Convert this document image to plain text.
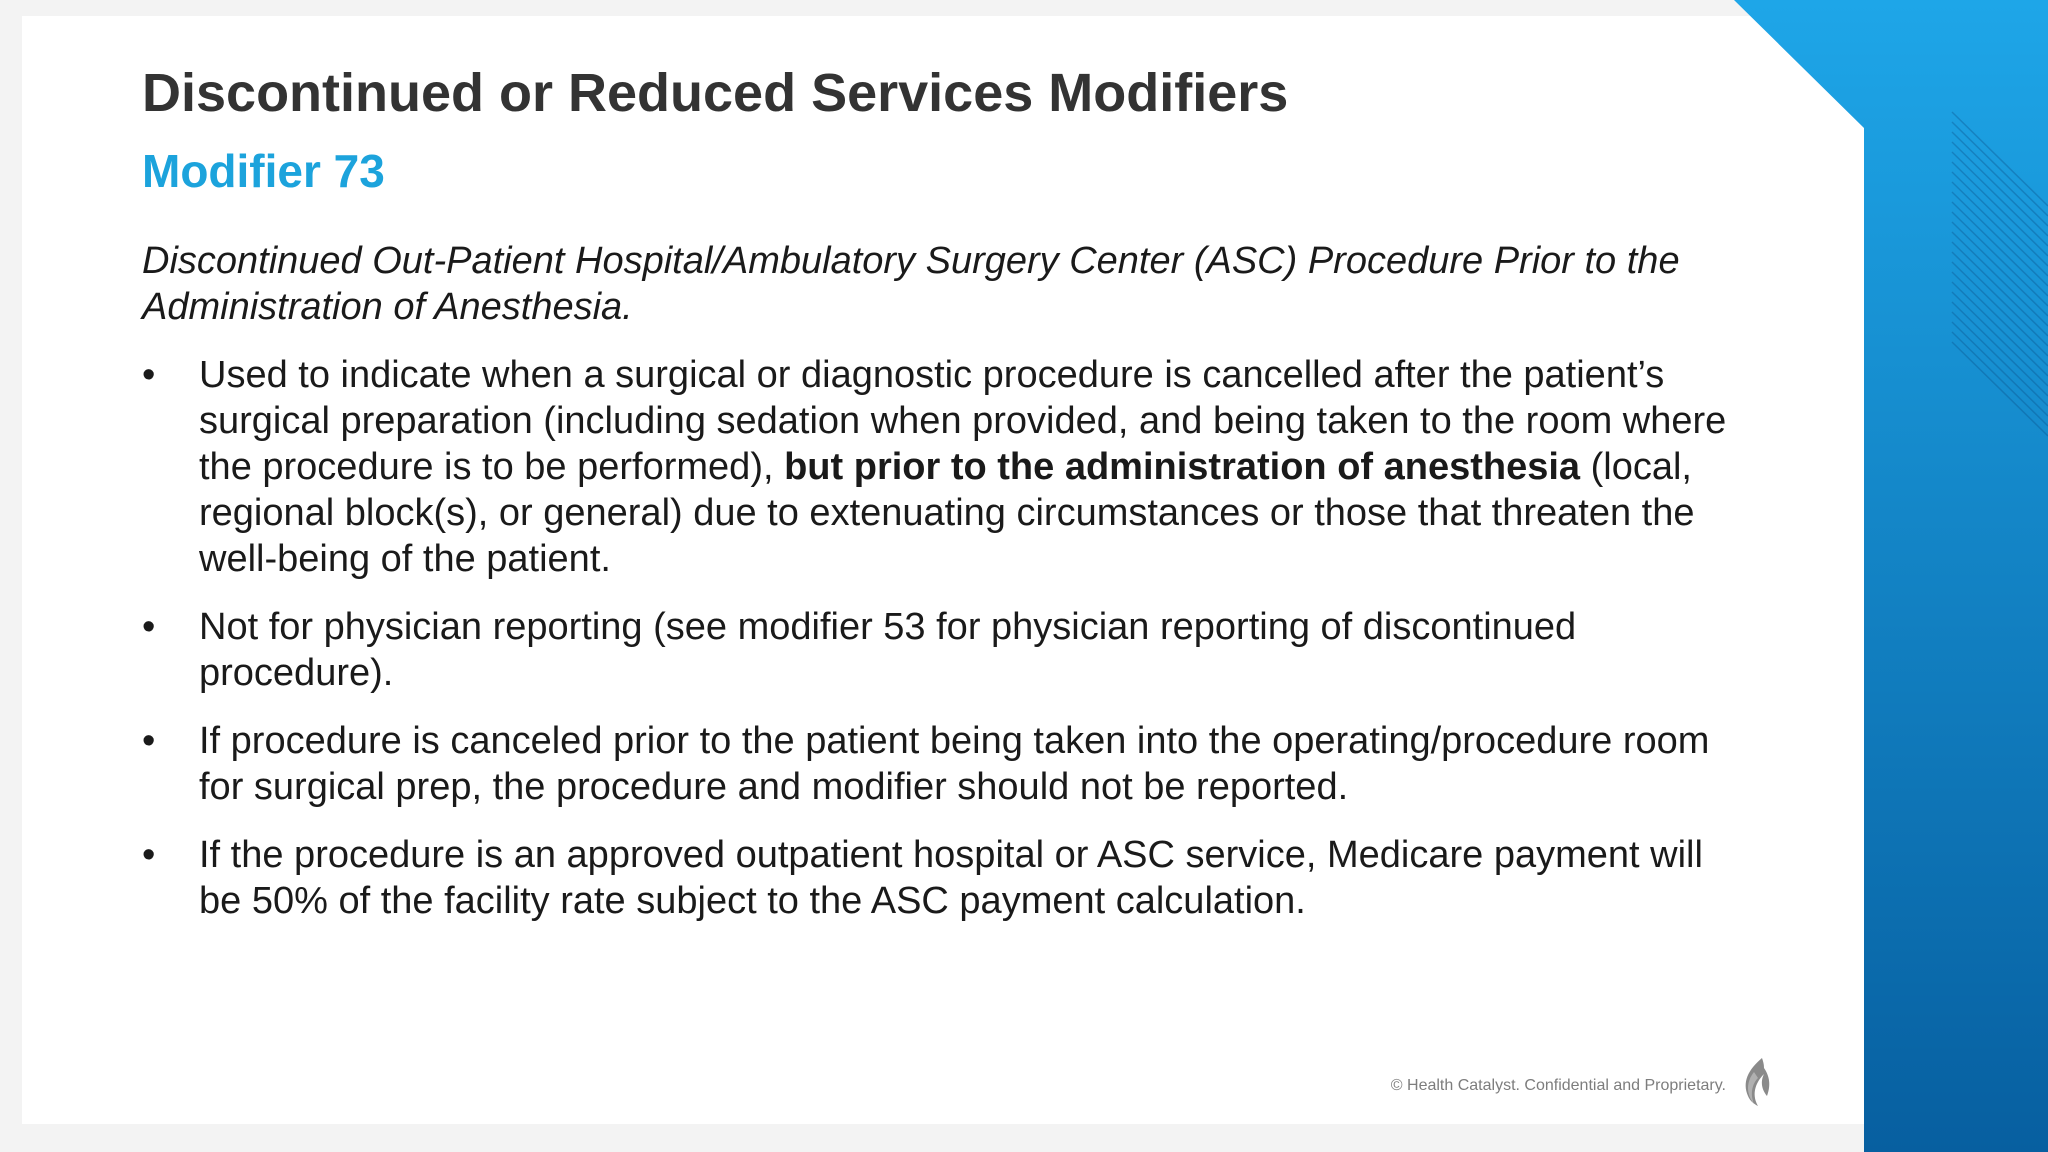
Discontinued or Reduced Services Modifiers
Modifier 73

Discontinued Out-Patient Hospital/Ambulatory Surgery Center (ASC) Procedure Prior to the Administration of Anesthesia.

•	Used to indicate when a surgical or diagnostic procedure is cancelled after the patient’s surgical preparation (including sedation when provided, and being taken to the room where the procedure is to be performed), but prior to the administration of anesthesia (local, regional block(s), or general) due to extenuating circumstances or those that threaten the well-being of the patient.
•	Not for physician reporting (see modifier 53 for physician reporting of discontinued procedure).
•	If procedure is canceled prior to the patient being taken into the operating/procedure room for surgical prep, the procedure and modifier should not be reported.
•	If the procedure is an approved outpatient hospital or ASC service, Medicare payment will be 50% of the facility rate subject to the ASC payment calculation.
© Health Catalyst. Confidential and Proprietary.
